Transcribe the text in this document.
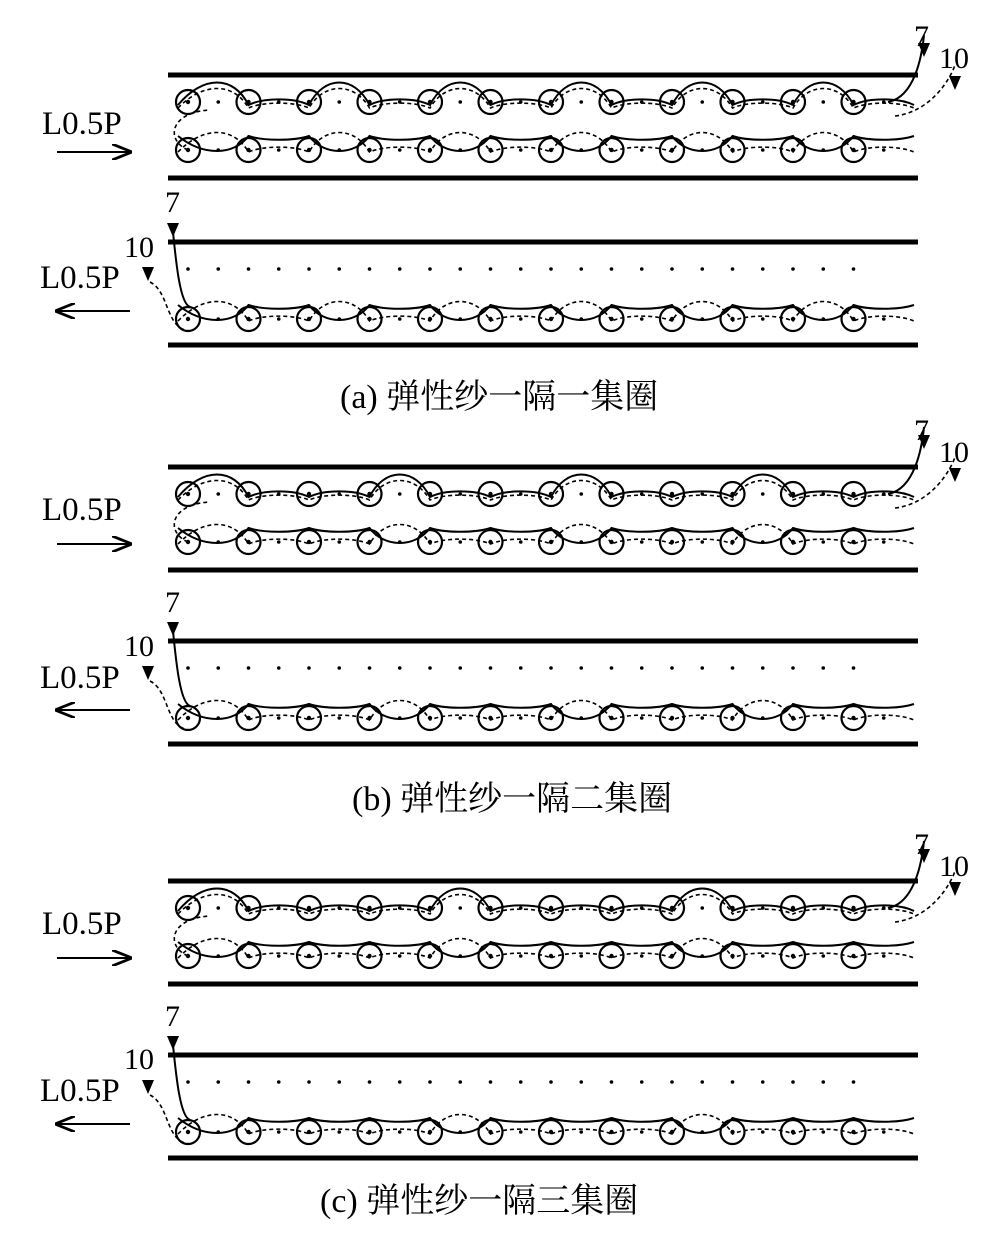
L0.5P
7
10
L0.5P
7
10
(a) 弹性纱一隔一集圈
L0.5P
7
10
L0.5P
7
10
(b) 弹性纱一隔二集圈
L0.5P
7
10
L0.5P
7
10
(c) 弹性纱一隔三集圈
